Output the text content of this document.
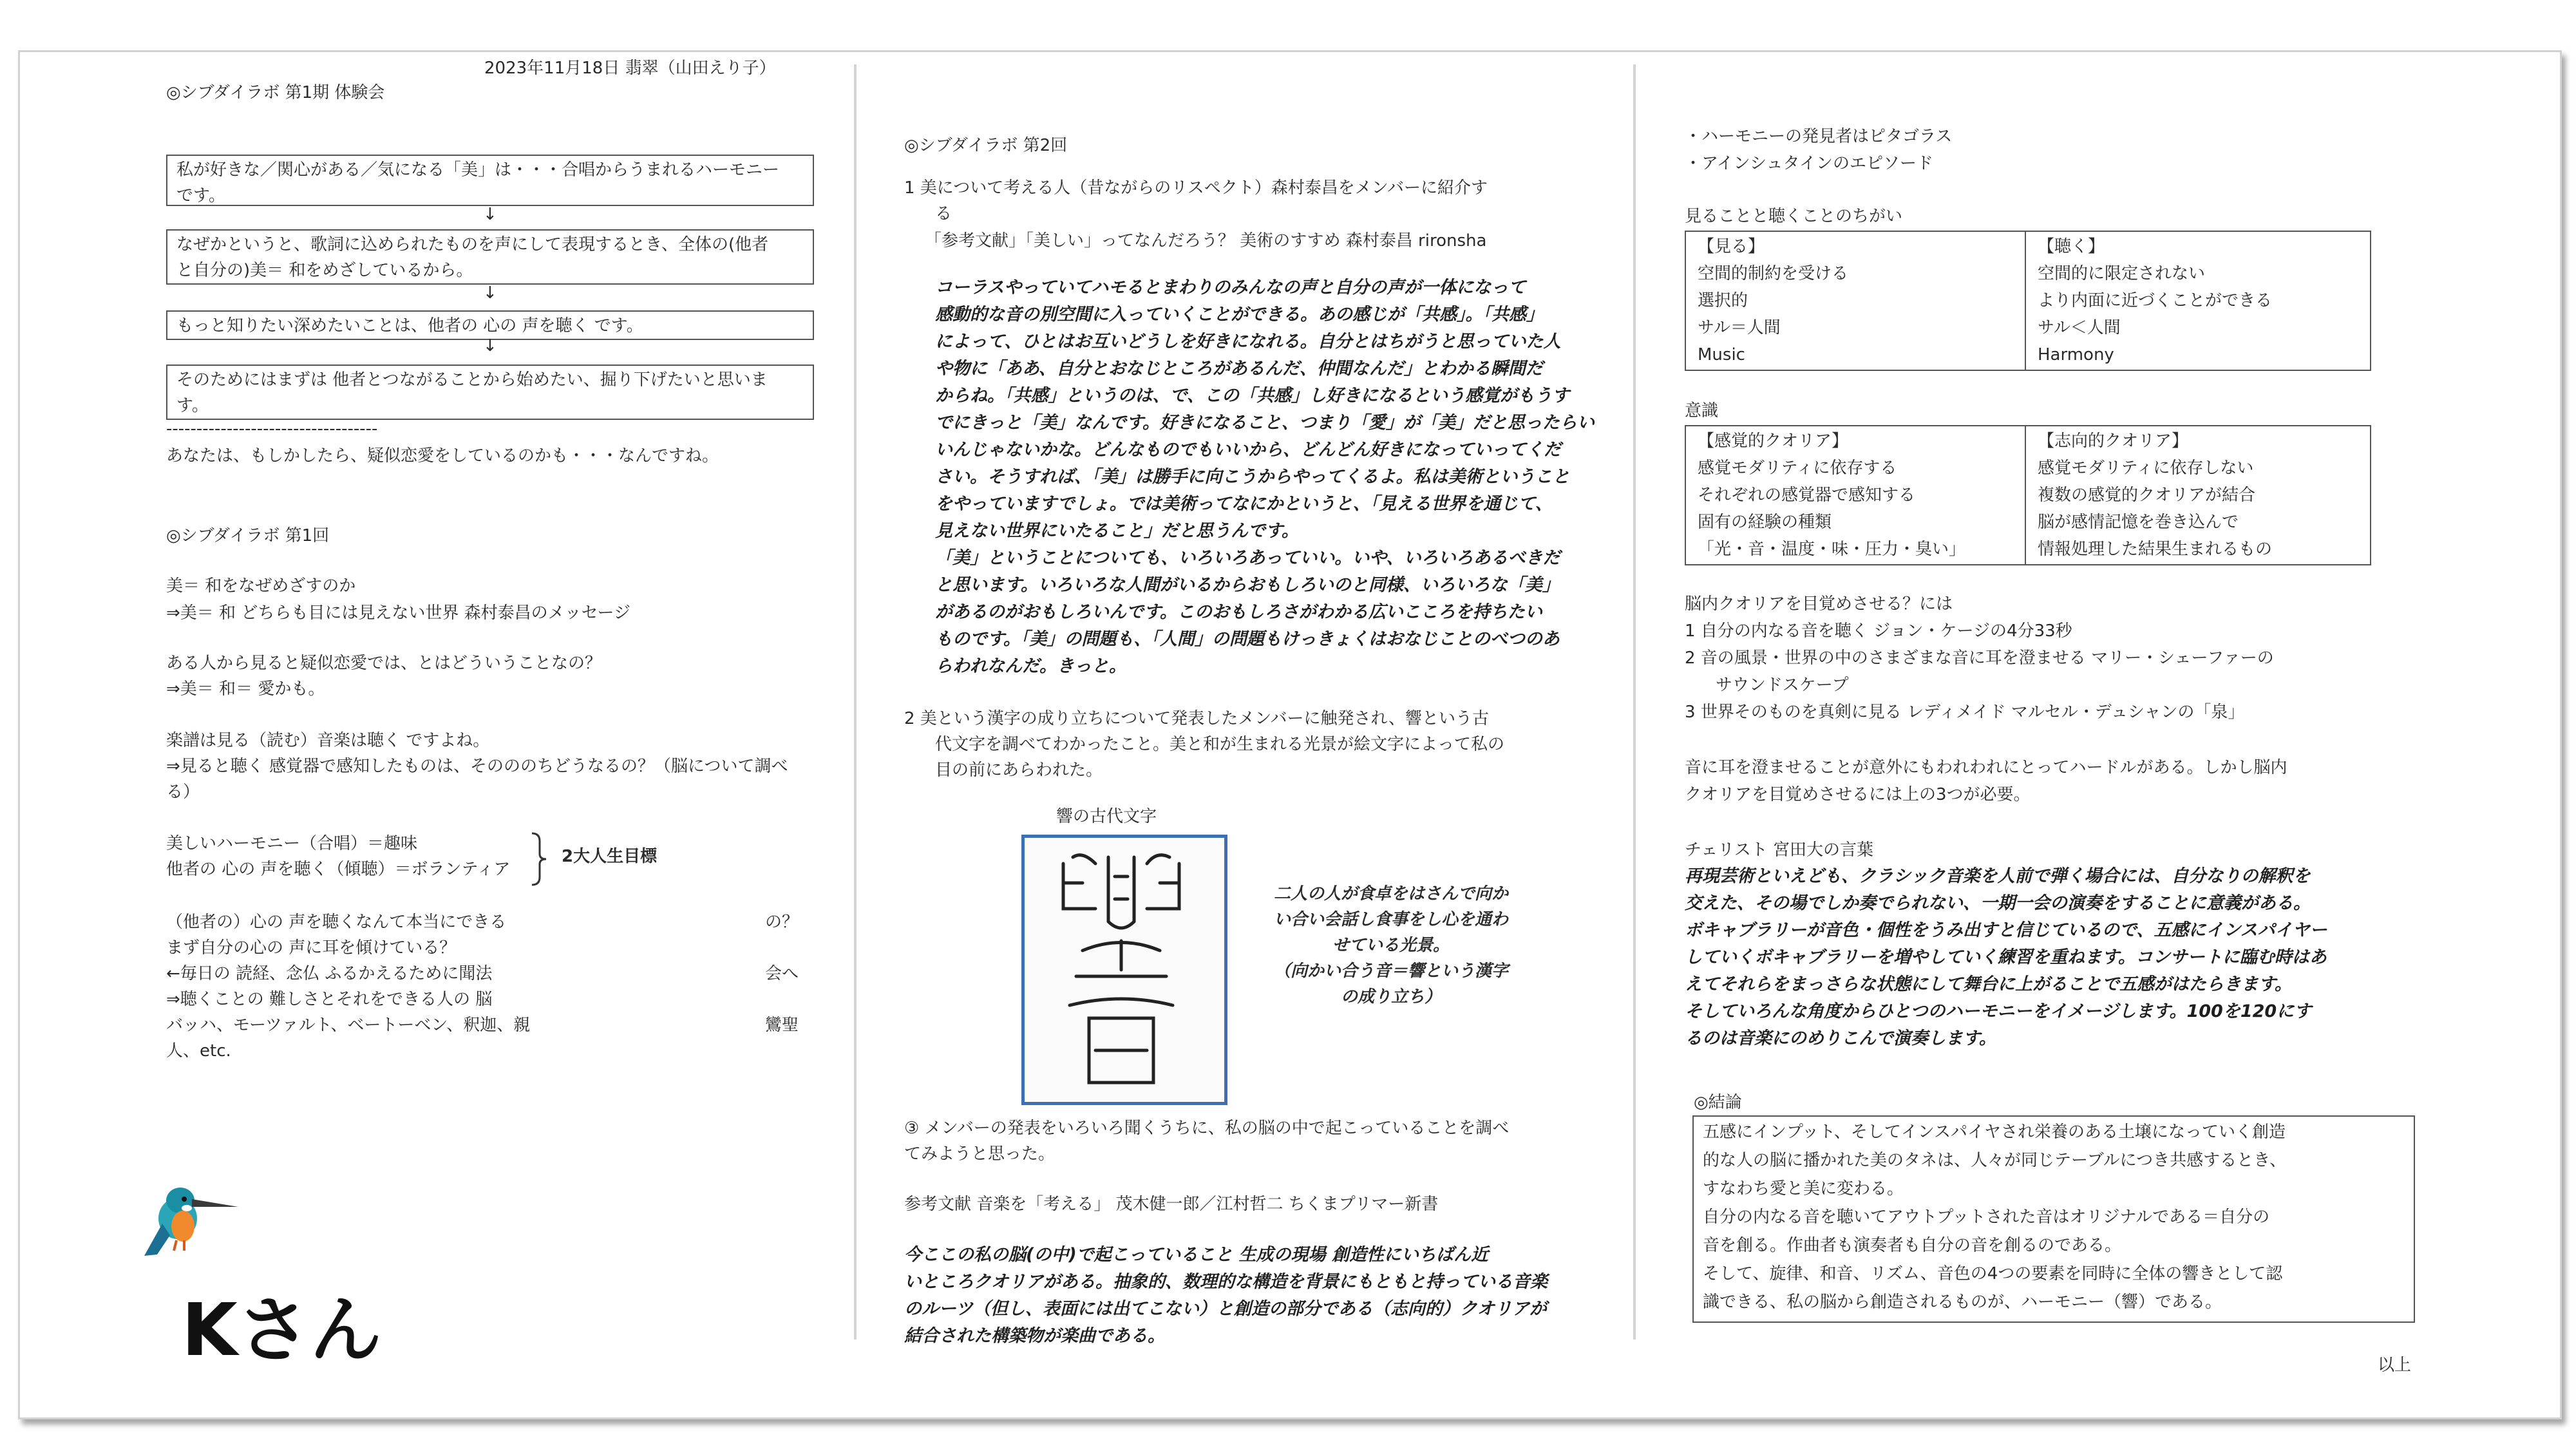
2023年11月18日 翡翠（山田えり子）
◎シブダイラボ 第1期 体験会
私が好きな／関心がある／気になる「美」は・・・合唱からうまれるハーモニー
です。
↓
なぜかというと、歌詞に込められたものを声にして表現するとき、全体の(他者
と自分の)美＝ 和をめざしているから。
↓
もっと知りたい深めたいことは、他者の 心の 声を聴く です。
↓
そのためにはまずは 他者とつながることから始めたい、掘り下げたいと思いま
す。
-----------------------------------
あなたは、もしかしたら、疑似恋愛をしているのかも・・・なんですね。
◎シブダイラボ 第1回
美＝ 和をなぜめざすのか
⇒美＝ 和 どちらも目には見えない世界 森村泰昌のメッセージ
ある人から見ると疑似恋愛では、とはどういうことなの？
⇒美＝ 和＝ 愛かも。
楽譜は見る（読む）音楽は聴く ですよね。
⇒見ると聴く 感覚器で感知したものは、そのののちどうなるの？（脳について調べ
る）
美しいハーモニー（合唱）＝趣味
他者の 心の 声を聴く（傾聴）＝ボランティア
2大人生目標
（他者の）心の 声を聴くなんて本当にできる	の？
まず自分の心の 声に耳を傾けている？
←毎日の 読経、念仏 ふるかえるために聞法	会へ
⇒聴くことの 難しさとそれをできる人の 脳
バッハ、モーツァルト、ベートーベン、釈迦、親	鸞聖
人、etc.
Kさん
◎シブダイラボ 第2回
1 美について考える人（昔ながらのリスペクト）森村泰昌をメンバーに紹介す
る
「参考文献」「美しい」ってなんだろう？ 美術のすすめ 森村泰昌 rironsha
コーラスやっていてハモるとまわりのみんなの声と自分の声が一体になって
感動的な音の別空間に入っていくことができる。あの感じが「共感」。「共感」
によって、ひとはお互いどうしを好きになれる。自分とはちがうと思っていた人
や物に「ああ、自分とおなじところがあるんだ、仲間なんだ」とわかる瞬間だ
からね。「共感」というのは、で、この「共感」し好きになるという感覚がもうす
でにきっと「美」なんです。好きになること、つまり「愛」が「美」だと思ったらい
いんじゃないかな。どんなものでもいいから、どんどん好きになっていってくだ
さい。そうすれば、「美」は勝手に向こうからやってくるよ。私は美術ということ
をやっていますでしょ。では美術ってなにかというと、「見える世界を通じて、
見えない世界にいたること」だと思うんです。
「美」ということについても、いろいろあっていい。いや、いろいろあるべきだ
と思います。いろいろな人間がいるからおもしろいのと同様、いろいろな「美」
があるのがおもしろいんです。このおもしろさがわかる広いこころを持ちたい
ものです。「美」の問題も、「人間」の問題もけっきょくはおなじことのべつのあ
らわれなんだ。きっと。
2 美という漢字の成り立ちについて発表したメンバーに触発され、響という古
代文字を調べてわかったこと。美と和が生まれる光景が絵文字によって私の
目の前にあらわれた。
響の古代文字
二人の人が食卓をはさんで向か
い合い会話し食事をし心を通わ
せている光景。
（向かい合う音＝響という漢字
の成り立ち）
③ メンバーの発表をいろいろ聞くうちに、私の脳の中で起こっていることを調べ
てみようと思った。
参考文献 音楽を「考える」 茂木健一郎／江村哲二 ちくまプリマー新書
今ここの私の脳(の中)で起こっていること 生成の現場 創造性にいちばん近
いところクオリアがある。抽象的、数理的な構造を背景にもともと持っている音楽
のルーツ（但し、表面には出てこない）と創造の部分である（志向的）クオリアが
結合された構築物が楽曲である。
・ハーモニーの発見者はピタゴラス
・アインシュタインのエピソード
見ることと聴くことのちがい
【見る】
空間的制約を受ける
選択的
サル＝人間
Music

【聴く】
空間的に限定されない
より内面に近づくことができる
サル＜人間
Harmony
意識
【感覚的クオリア】
感覚モダリティに依存する
それぞれの感覚器で感知する
固有の経験の種類
「光・音・温度・味・圧力・臭い」

【志向的クオリア】
感覚モダリティに依存しない
複数の感覚的クオリアが結合
脳が感情記憶を巻き込んで
情報処理した結果生まれるもの
脳内クオリアを目覚めさせる？には
1 自分の内なる音を聴く ジョン・ケージの4分33秒
2 音の風景・世界の中のさまざまな音に耳を澄ませる マリー・シェーファーの
サウンドスケープ
3 世界そのものを真剣に見る レディメイド マルセル・デュシャンの「泉」
音に耳を澄ませることが意外にもわれわれにとってハードルがある。しかし脳内
クオリアを目覚めさせるには上の3つが必要。
チェリスト 宮田大の言葉
再現芸術といえども、クラシック音楽を人前で弾く場合には、自分なりの解釈を
交えた、その場でしか奏でられない、一期一会の演奏をすることに意義がある。
ボキャブラリーが音色・個性をうみ出すと信じているので、五感にインスパイヤー
していくボキャブラリーを増やしていく練習を重ねます。コンサートに臨む時はあ
えてそれらをまっさらな状態にして舞台に上がることで五感がはたらきます。
そしていろんな角度からひとつのハーモニーをイメージします。100を120にす
るのは音楽にのめりこんで演奏します。
◎結論
五感にインプット、そしてインスパイヤされ栄養のある土壌になっていく創造
的な人の脳に播かれた美のタネは、人々が同じテーブルにつき共感するとき、
すなわち愛と美に変わる。
自分の内なる音を聴いてアウトプットされた音はオリジナルである＝自分の
音を創る。作曲者も演奏者も自分の音を創るのである。
そして、旋律、和音、リズム、音色の4つの要素を同時に全体の響きとして認
識できる、私の脳から創造されるものが、ハーモニー（響）である。
以上
